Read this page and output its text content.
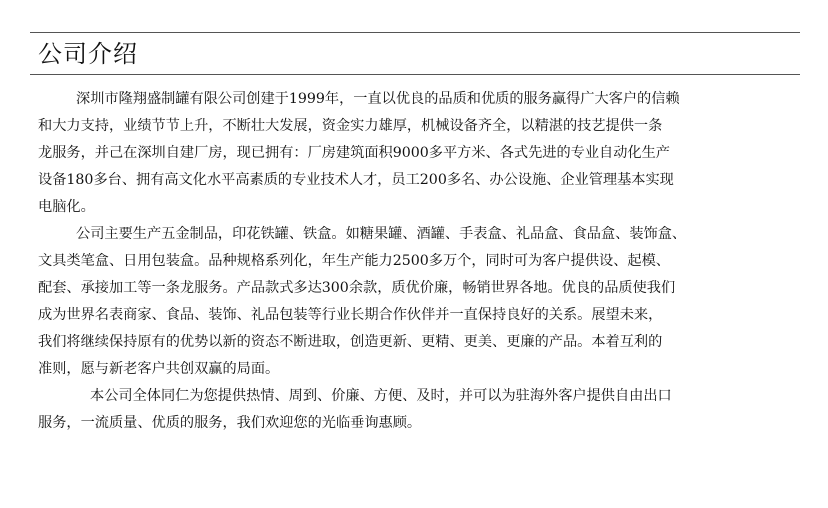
公司介绍

深圳市隆翔盛制罐有限公司创建于1999年，一直以优良的品质和优质的服务赢得广大客户的信赖
和大力支持，业绩节节上升，不断壮大发展，资金实力雄厚，机械设备齐全，以精湛的技艺提供一条
龙服务，并己在深圳自建厂房，现已拥有：厂房建筑面积9000多平方米、各式先进的专业自动化生产
设备180多台、拥有高文化水平高素质的专业技术人才，员工200多名、办公设施、企业管理基本实现
电脑化。

公司主要生产五金制品，印花铁罐、铁盒。如糖果罐、酒罐、手表盒、礼品盒、食品盒、装饰盒、
文具类笔盒、日用包装盒。品种规格系列化，年生产能力2500多万个，同时可为客户提供设、起模、
配套、承接加工等一条龙服务。产品款式多达300余款，质优价廉，畅销世界各地。优良的品质使我们
成为世界名表商家、食品、装饰、礼品包装等行业长期合作伙伴并一直保持良好的关系。展望未来，
我们将继续保持原有的优势以新的资态不断进取，创造更新、更精、更美、更廉的产品。本着互利的
准则，愿与新老客户共创双赢的局面。

本公司全体同仁为您提供热情、周到、价廉、方便、及时，并可以为驻海外客户提供自由出口
服务，一流质量、优质的服务，我们欢迎您的光临垂询惠顾。
